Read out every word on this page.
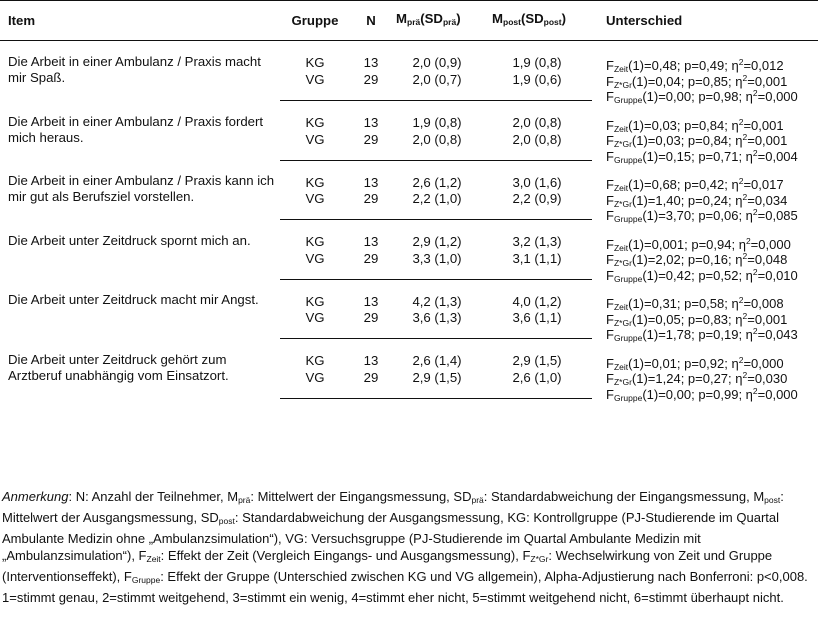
Item	Gruppe	N	Mprä(SDprä)	Mpost(SDpost)	Unterschied

Die Arbeit in einer Ambulanz / Praxis macht mir Spaß.	KG	13	2,0 (0,9)	1,9 (0,8)	$F_{Zeit}(1)=0,48$; p=0,49; $\eta^2=0,012$
$F_{Z*Gr}(1)=0,04$; p=0,85; $\eta^2=0,001$
$F_{Gruppe}(1)=0,00$; p=0,98; $\eta^2=0,000$

	VG	29	2,0 (0,7)	1,9 (0,6)	

Die Arbeit in einer Ambulanz / Praxis fordert mich heraus.	KG	13	1,9 (0,8)	2,0 (0,8)	$F_{Zeit}(1)=0,03$; p=0,84; $\eta^2=0,001$
$F_{Z*Gr}(1)=0,03$; p=0,84; $\eta^2=0,001$
$F_{Gruppe}(1)=0,15$; p=0,71; $\eta^2=0,004$

	VG	29	2,0 (0,8)	2,0 (0,8)	

Die Arbeit in einer Ambulanz / Praxis kann ich mir gut als Berufsziel vorstellen.	KG	13	2,6 (1,2)	3,0 (1,6)	$F_{Zeit}(1)=0,68$; p=0,42; $\eta^2=0,017$
$F_{Z*Gr}(1)=1,40$; p=0,24; $\eta^2=0,034$
$F_{Gruppe}(1)=3,70$; p=0,06; $\eta^2=0,085$

	VG	29	2,2 (1,0)	2,2 (0,9)	

Die Arbeit unter Zeitdruck spornt mich an.	KG	13	2,9 (1,2)	3,2 (1,3)	$F_{Zeit}(1)=0,001$; p=0,94; $\eta^2=0,000$
$F_{Z*Gr}(1)=2,02$; p=0,16; $\eta^2=0,048$
$F_{Gruppe}(1)=0,42$; p=0,52; $\eta^2=0,010$

	VG	29	3,3 (1,0)	3,1 (1,1)	

Die Arbeit unter Zeitdruck macht mir Angst.	KG	13	4,2 (1,3)	4,0 (1,2)	$F_{Zeit}(1)=0,31$; p=0,58; $\eta^2=0,008$
$F_{Z*Gr}(1)=0,05$; p=0,83; $\eta^2=0,001$
$F_{Gruppe}(1)=1,78$; p=0,19; $\eta^2=0,043$

	VG	29	3,6 (1,3)	3,6 (1,1)	

Die Arbeit unter Zeitdruck gehört zum Arztberuf unabhängig vom Einsatzort.	KG	13	2,6 (1,4)	2,9 (1,5)	$F_{Zeit}(1)=0,01$; p=0,92; $\eta^2=0,000$
$F_{Z*Gr}(1)=1,24$; p=0,27; $\eta^2=0,030$
$F_{Gruppe}(1)=0,00$; p=0,99; $\eta^2=0,000$

	VG	29	2,9 (1,5)	2,6 (1,0)	
Anmerkung: N: Anzahl der Teilnehmer, $M_{prä}$: Mittelwert der Eingangsmessung, $SD_{prä}$: Standardabweichung der Eingangsmessung, $M_{post}$: Mittelwert der Ausgangsmessung, $SD_{post}$: Standardabweichung der Ausgangsmessung, KG: Kontrollgruppe (PJ-Studierende im Quartal Ambulante Medizin ohne „Ambulanzsimulation“), VG: Versuchsgruppe (PJ-Studierende im Quartal Ambulante Medizin mit „Ambulanzsimulation“), $F_{Zeit}$: Effekt der Zeit (Vergleich Eingangs- und Ausgangsmessung), $F_{Z*Gr}$: Wechselwirkung von Zeit und Gruppe (Interventionseffekt), $F_{Gruppe}$: Effekt der Gruppe (Unterschied zwischen KG und VG allgemein), Alpha-Adjustierung nach Bonferroni: p<0,008. 1=stimmt genau, 2=stimmt weitgehend, 3=stimmt ein wenig, 4=stimmt eher nicht, 5=stimmt weitgehend nicht, 6=stimmt überhaupt nicht.
